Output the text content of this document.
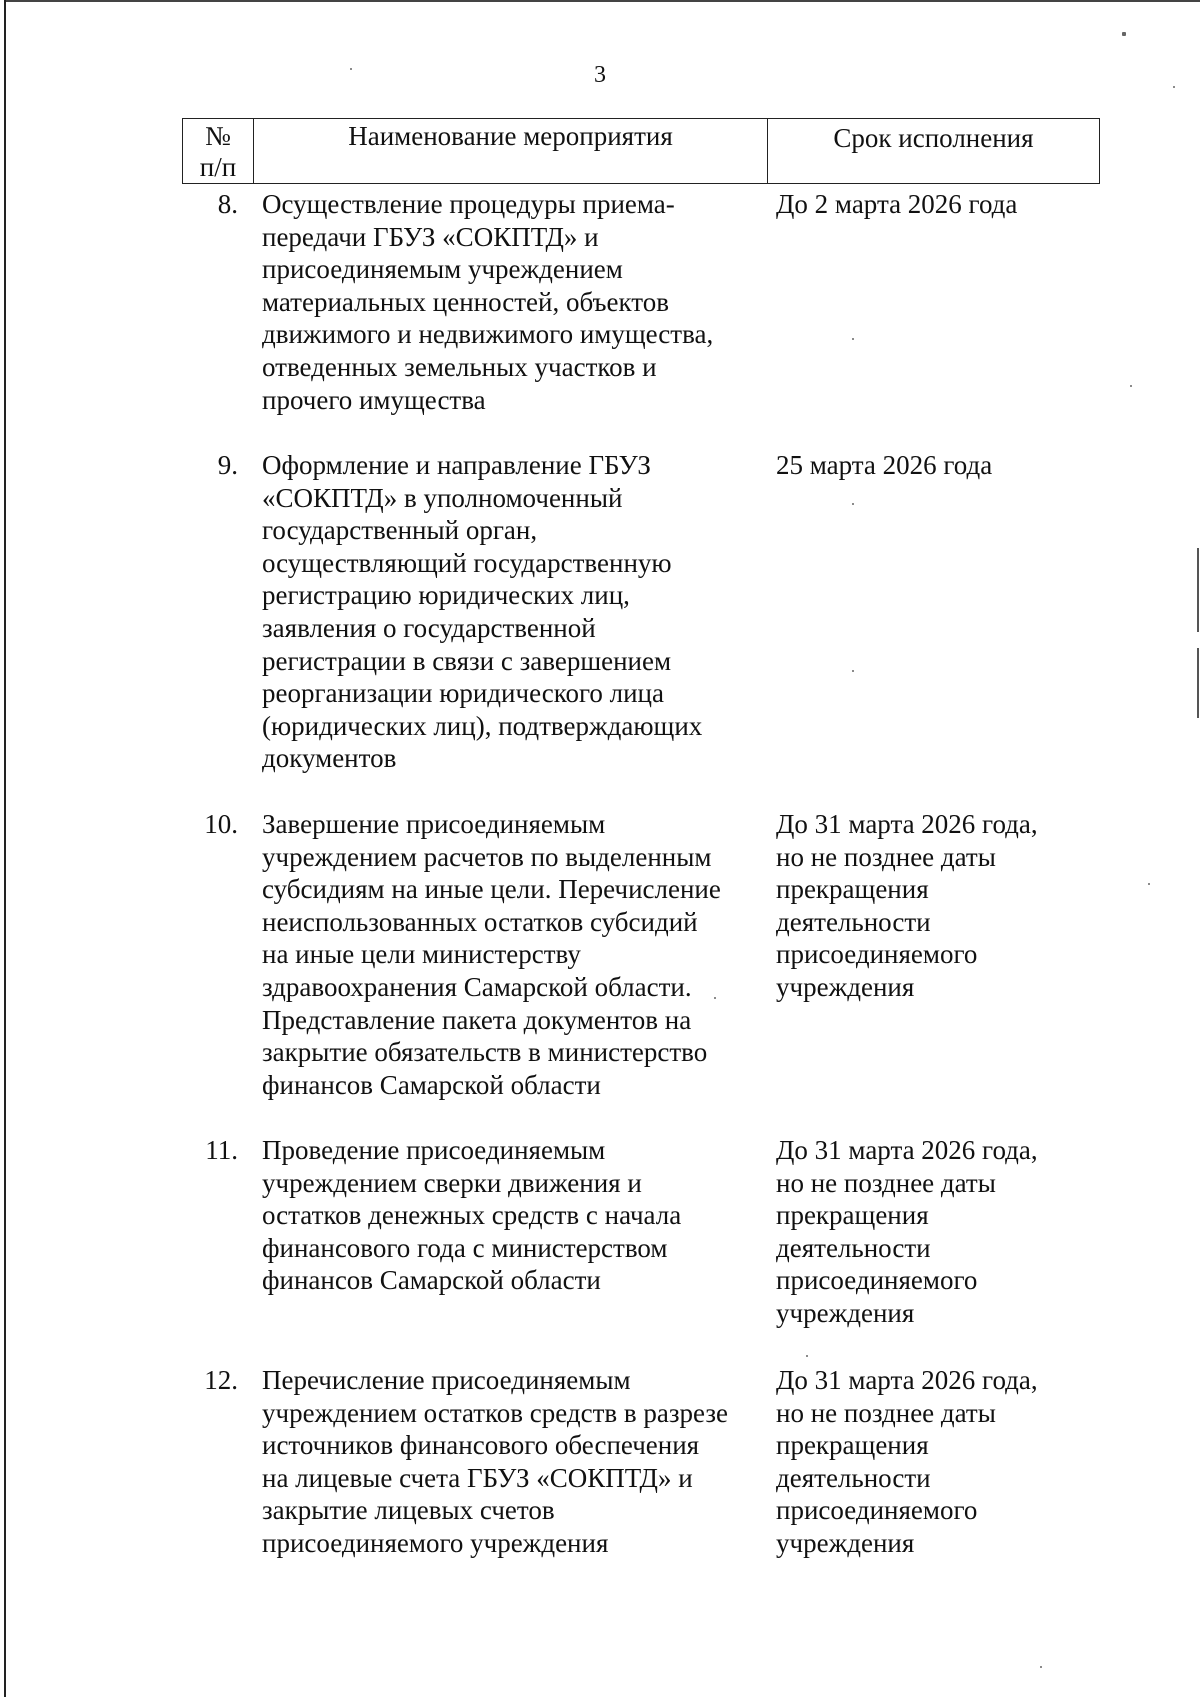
3
№
п/п
Наименование мероприятия	Срок исполнения
8. Осуществление процедуры приема-
передачи ГБУЗ «СОКПТД» и
присоединяемым учреждением
материальных ценностей, объектов
движимого и недвижимого имущества,
отведенных земельных участков и
прочего имущества
До 2 марта 2026 года
9. Оформление и направление ГБУЗ
«СОКПТД» в уполномоченный
государственный орган,
осуществляющий государственную
регистрацию юридических лиц,
заявления о государственной
регистрации в связи с завершением
реорганизации юридического лица
(юридических лиц), подтверждающих
документов
25 марта 2026 года
10. Завершение присоединяемым
учреждением расчетов по выделенным
субсидиям на иные цели. Перечисление
неиспользованных остатков субсидий
на иные цели министерству
здравоохранения Самарской области.
Представление пакета документов на
закрытие обязательств в министерство
финансов Самарской области
До 31 марта 2026 года,
но не позднее даты
прекращения
деятельности
присоединяемого
учреждения
11. Проведение присоединяемым
учреждением сверки движения и
остатков денежных средств с начала
финансового года с министерством
финансов Самарской области
До 31 марта 2026 года,
но не позднее даты
прекращения
деятельности
присоединяемого
учреждения
12. Перечисление присоединяемым
учреждением остатков средств в разрезе
источников финансового обеспечения
на лицевые счета ГБУЗ «СОКПТД» и
закрытие лицевых счетов
присоединяемого учреждения
До 31 марта 2026 года,
но не позднее даты
прекращения
деятельности
присоединяемого
учреждения
